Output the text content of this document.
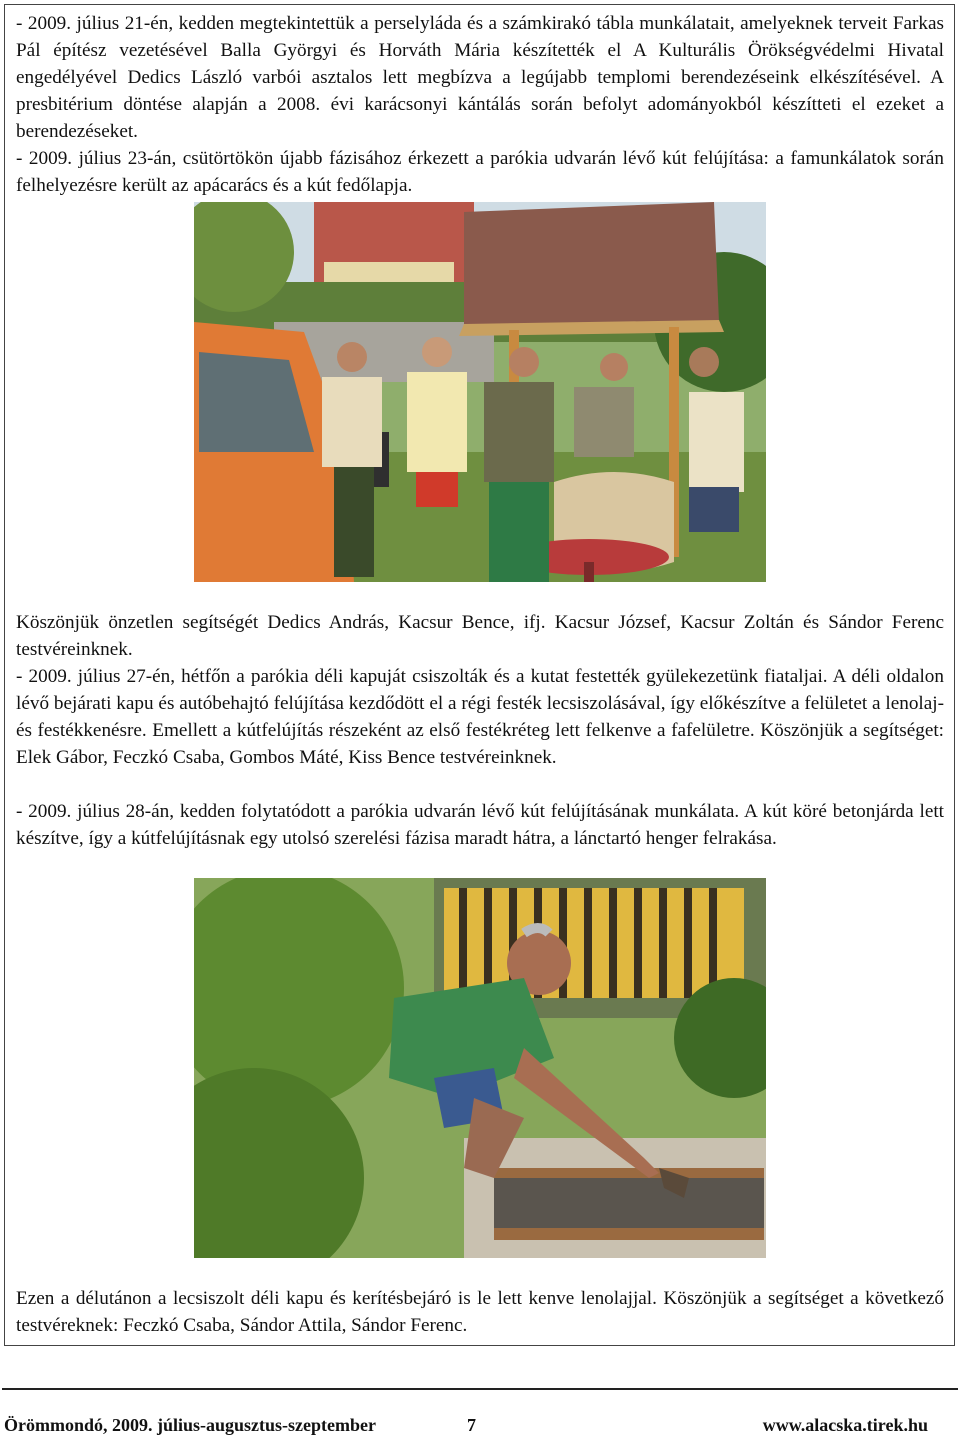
- 2009. július 21-én, kedden megtekintettük a perselyláda és a számkirakó tábla munkálatait, amelyeknek terveit Farkas Pál építész vezetésével Balla Györgyi és Horváth Mária készítették el A Kulturális Örökségvédelmi Hivatal engedélyével Dedics László varbói asztalos lett megbízva a legújabb templomi berendezéseink elkészítésével. A presbitérium döntése alapján a 2008. évi karácsonyi kántálás során befolyt adományokból készítteti el ezeket a berendezéseket.

- 2009. július 23-án, csütörtökön újabb fázisához érkezett a parókia udvarán lévő kút felújítása: a famunkálatok során felhelyezésre került az apácarács és a kút fedőlapja.

Köszönjük önzetlen segítségét Dedics András, Kacsur Bence, ifj. Kacsur József, Kacsur Zoltán és Sándor Ferenc testvéreinknek.

- 2009. július 27-én, hétfőn a parókia déli kapuját csiszolták és a kutat festették gyülekezetünk fiataljai. A déli oldalon lévő bejárati kapu és autóbehajtó felújítása kezdődött el a régi festék lecsiszolásával, így előkészítve a felületet a lenolaj- és festékkenésre. Emellett a kútfelújítás részeként az első festékréteg lett felkenve a fafelületre. Köszönjük a segítséget: Elek Gábor, Feczkó Csaba, Gombos Máté, Kiss Bence testvéreinknek.

- 2009. július 28-án, kedden folytatódott a parókia udvarán lévő kút felújításának munkálata. A kút köré betonjárda lett készítve, így a kútfelújításnak egy utolsó szerelési fázisa maradt hátra, a lánctartó henger felrakása.

Ezen a délutánon a lecsiszolt déli kapu és kerítésbejáró is le lett kenve lenolajjal. Köszönjük a segítséget a következő testvéreknek: Feczkó Csaba, Sándor Attila, Sándor Ferenc.

Örömmondó, 2009. július-augusztus-szeptember	7	www.alacska.tirek.hu
